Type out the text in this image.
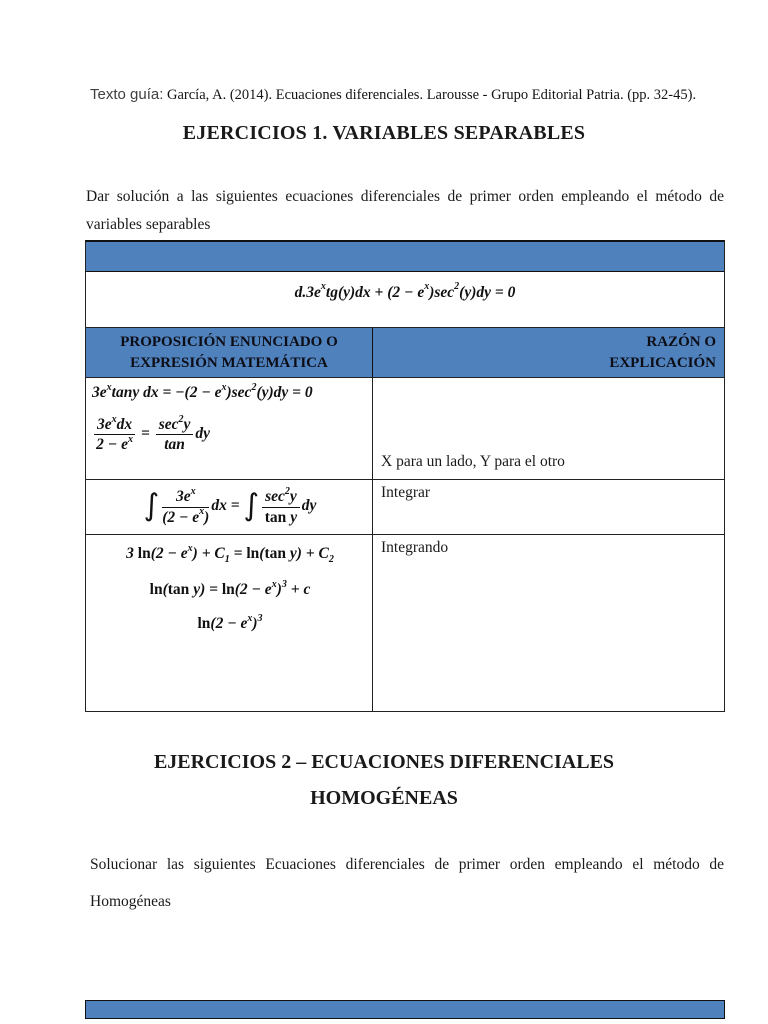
Texto guía: García, A. (2014). Ecuaciones diferenciales. Larousse - Grupo Editorial Patria. (pp. 32-45).
EJERCICIOS 1. VARIABLES SEPARABLES
Dar solución a las siguientes ecuaciones diferenciales de primer orden empleando el método de
variables separables
$d.3e^xtg(y)dx + (2 - e^x)\sec^2(y)dy = 0$
PROPOSICIÓN ENUNCIADO O EXPRESIÓN MATEMÁTICA
RAZÓN O EXPLICACIÓN
$3e^x\tan y$ dx = $-(2 - e^x)\sec^2(y)dy = 0$
$\frac{3e^xdx}{2 - e^x} = \frac{\sec^2y}{\tan}$ dy
X para un lado, Y para el otro
∫ $\frac{3e^x}{(2 - e^x)}$ dx = ∫ $\frac{\sec^2y}{\text{tan y}}$ dy
Integrar
3 $\ln(2 - e^x) + C_1 = \ln(\tan$ $y) + C_2$
ln(tan $y) = \ln(2 - e^x)^3 + c$
$\ln(2 - e^x)^3$
Integrando
EJERCICIOS 2 – ECUACIONES DIFERENCIALES
HOMOGÉNEAS
Solucionar las siguientes Ecuaciones diferenciales de primer orden empleando el método de
Homogéneas
